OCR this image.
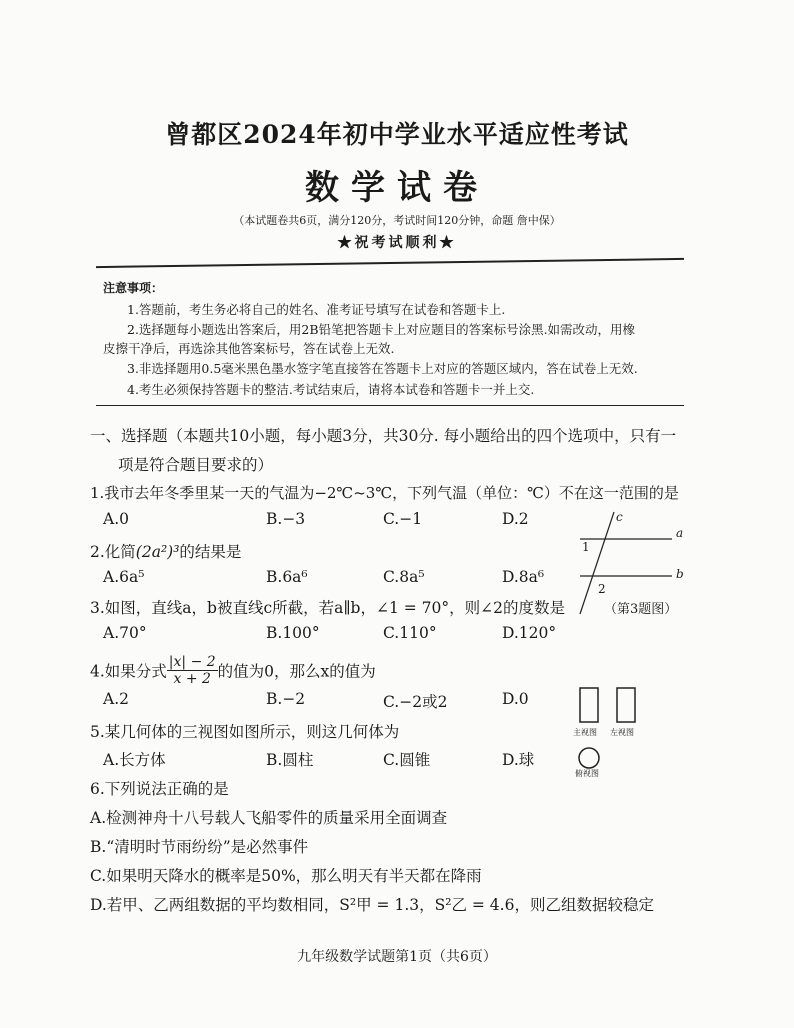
曾都区2024年初中学业水平适应性考试
数学试卷
（本试题卷共6页，满分120分，考试时间120分钟，命题 詹中保）
★祝考试顺利★
注意事项：
1.答题前，考生务必将自己的姓名、准考证号填写在试卷和答题卡上.
2.选择题每小题选出答案后，用2B铅笔把答题卡上对应题目的答案标号涂黑.如需改动，用橡
皮擦干净后，再选涂其他答案标号，答在试卷上无效.
3.非选择题用0.5毫米黑色墨水签字笔直接答在答题卡上对应的答题区域内，答在试卷上无效.
4.考生必须保持答题卡的整洁.考试结束后，请将本试卷和答题卡一并上交.
一、选择题（本题共10小题，每小题3分，共30分. 每小题给出的四个选项中，只有一
项是符合题目要求的）
1.我市去年冬季里某一天的气温为−2℃~3℃，下列气温（单位：℃）不在这一范围的是
A.0	B.−3	C.−1	D.2
2.化简(2a²)³的结果是
A.6a⁵	B.6a⁶	C.8a⁵	D.8a⁶
3.如图，直线a，b被直线c所截，若a∥b，∠1 = 70°，则∠2的度数是
A.70°	B.100°	C.110°	D.120°
c
a
b
1
2
（第3题图）
4.如果分式 $\frac{|x| - 2}{x + 2}$ 的值为0，那么x的值为
A.2	B.−2	C.−2或2	D.0
5.某几何体的三视图如图所示，则这几何体为
A.长方体	B.圆柱	C.圆锥	D.球
主视图 左视图
俯视图
6.下列说法正确的是
A.检测神舟十八号载人飞船零件的质量采用全面调查
B.“清明时节雨纷纷”是必然事件
C.如果明天降水的概率是50%，那么明天有半天都在降雨
D.若甲、乙两组数据的平均数相同，S²甲 = 1.3，S²乙 = 4.6，则乙组数据较稳定
九年级数学试题第1页（共6页）
